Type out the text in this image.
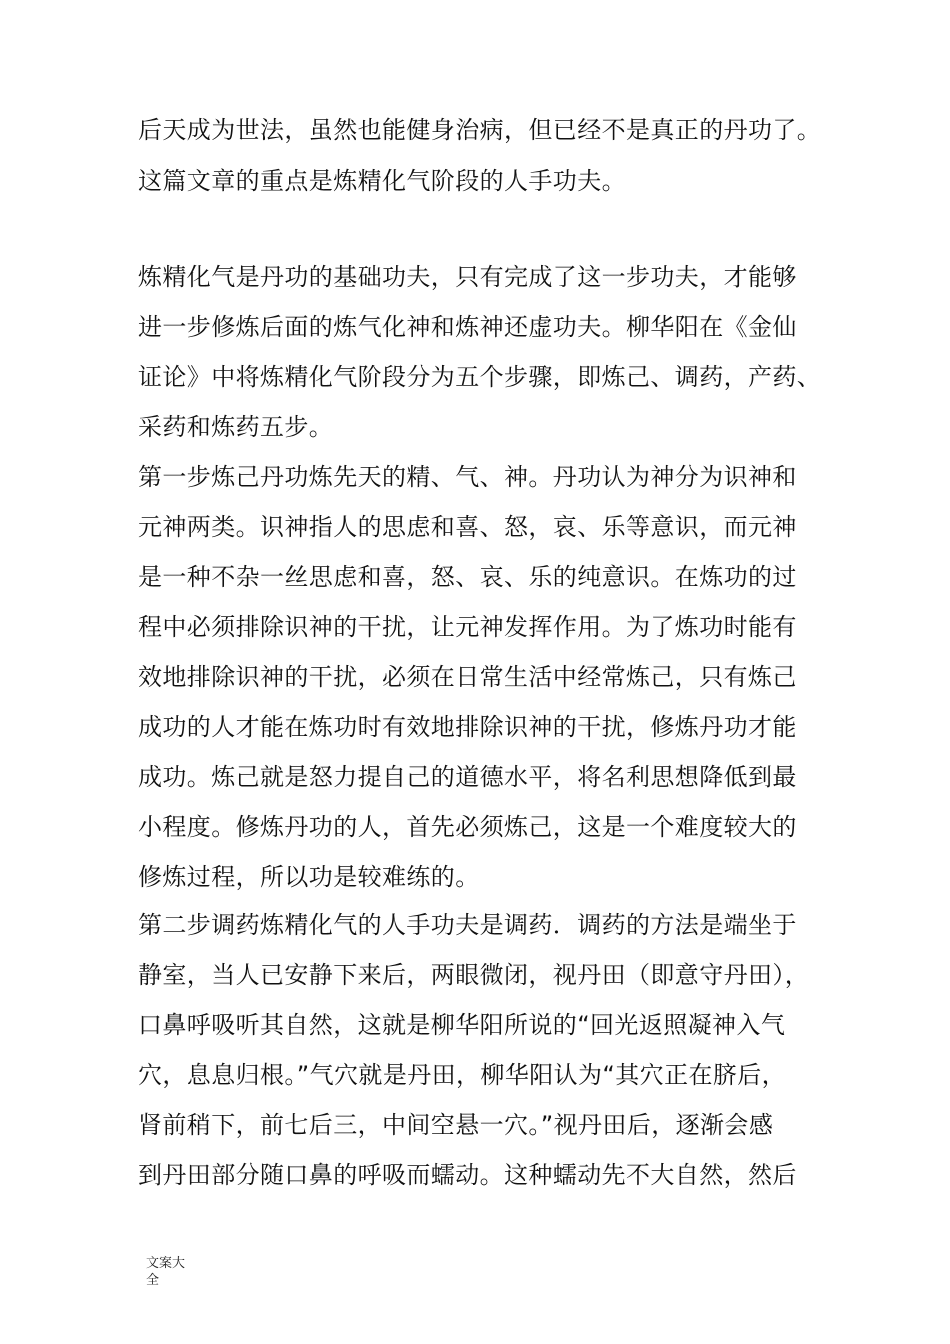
后天成为世法，虽然也能健身治病，但已经不是真正的丹功了。
这篇文章的重点是炼精化气阶段的人手功夫。
炼精化气是丹功的基础功夫，只有完成了这一步功夫，才能够
进一步修炼后面的炼气化神和炼神还虚功夫。柳华阳在《金仙
证论》中将炼精化气阶段分为五个步骤，即炼己、调药，产药、
采药和炼药五步。
第一步炼己丹功炼先天的精、气、神。丹功认为神分为识神和
元神两类。识神指人的思虑和喜、怒，哀、乐等意识，而元神
是一种不杂一丝思虑和喜，怒、哀、乐的纯意识。在炼功的过
程中必须排除识神的干扰，让元神发挥作用。为了炼功时能有
效地排除识神的干扰，必须在日常生活中经常炼己，只有炼己
成功的人才能在炼功时有效地排除识神的干扰，修炼丹功才能
成功。炼己就是怒力提自己的道德水平，将名利思想降低到最
小程度。修炼丹功的人，首先必须炼己，这是一个难度较大的
修炼过程，所以功是较难练的。
第二步调药炼精化气的人手功夫是调药．调药的方法是端坐于
静室，当人已安静下来后，两眼微闭，视丹田（即意守丹田），
口鼻呼吸听其自然，这就是柳华阳所说的“回光返照凝神入气
穴，息息归根。”气穴就是丹田，柳华阳认为“其穴正在脐后，
肾前稍下，前七后三，中间空悬一穴。”视丹田后，逐渐会感
到丹田部分随口鼻的呼吸而蠕动。这种蠕动先不大自然，然后
文案大全
